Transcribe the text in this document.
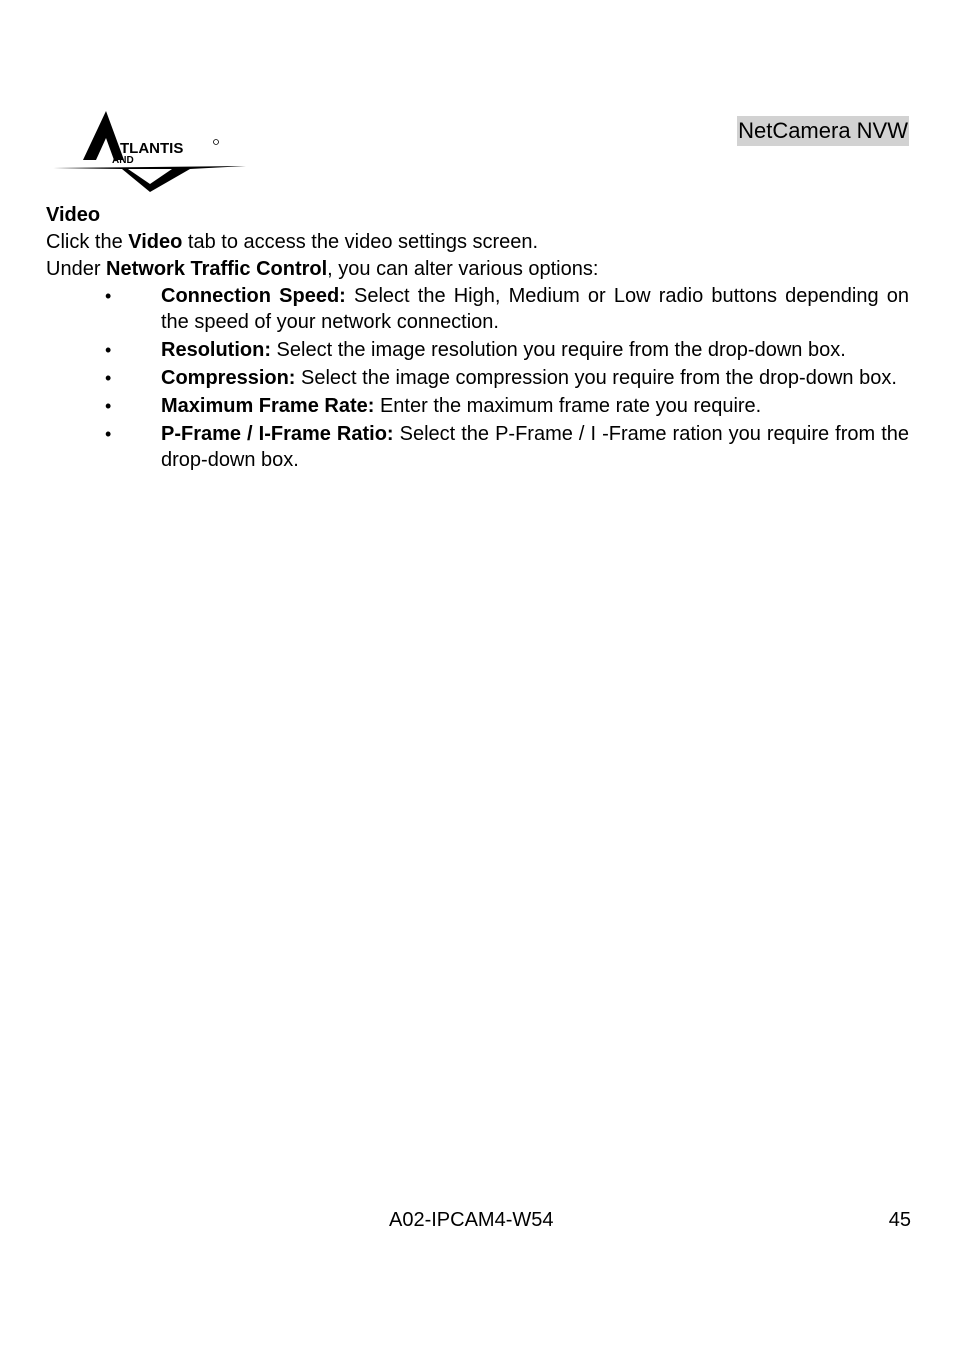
TLANTIS
AND
NetCamera NVW

Video

Click the Video tab to access the video settings screen.

Under Network Traffic Control, you can alter various options:

• Connection Speed: Select the High, Medium or Low radio buttons depending on the speed of your network connection.
• Resolution: Select the image resolution you require from the drop-down box.
• Compression: Select the image compression you require from the drop-down box.
• Maximum Frame Rate: Enter the maximum frame rate you require.
• P-Frame / I-Frame Ratio: Select the P-Frame / I -Frame ration you require from the drop-down box.
A02-IPCAM4-W54	45
